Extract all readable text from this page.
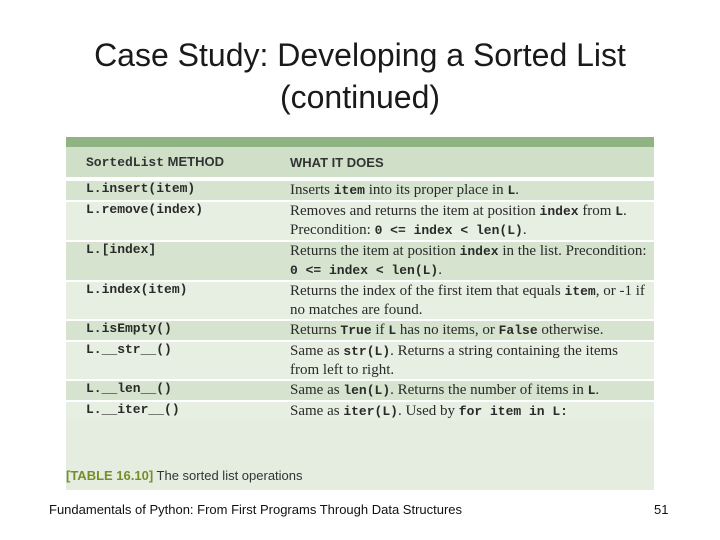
Case Study: Developing a Sorted List
(continued)
SortedList METHOD	WHAT IT DOES
L.insert(item)	Inserts item into its proper place in L.
L.remove(index)	Removes and returns the item at position index from L. Precondition: 0 <= index < len(L).
L.[index]	Returns the item at position index in the list. Precondition: 0 <= index < len(L).
L.index(item)	Returns the index of the first item that equals item, or -1 if no matches are found.
L.isEmpty()	Returns True if L has no items, or False otherwise.
L.__str__()	Same as str(L). Returns a string containing the items from left to right.
L.__len__()	Same as len(L). Returns the number of items in L.
L.__iter__()	Same as iter(L). Used by for item in L:
[TABLE 16.10] The sorted list operations
Fundamentals of Python: From First Programs Through Data Structures	51
